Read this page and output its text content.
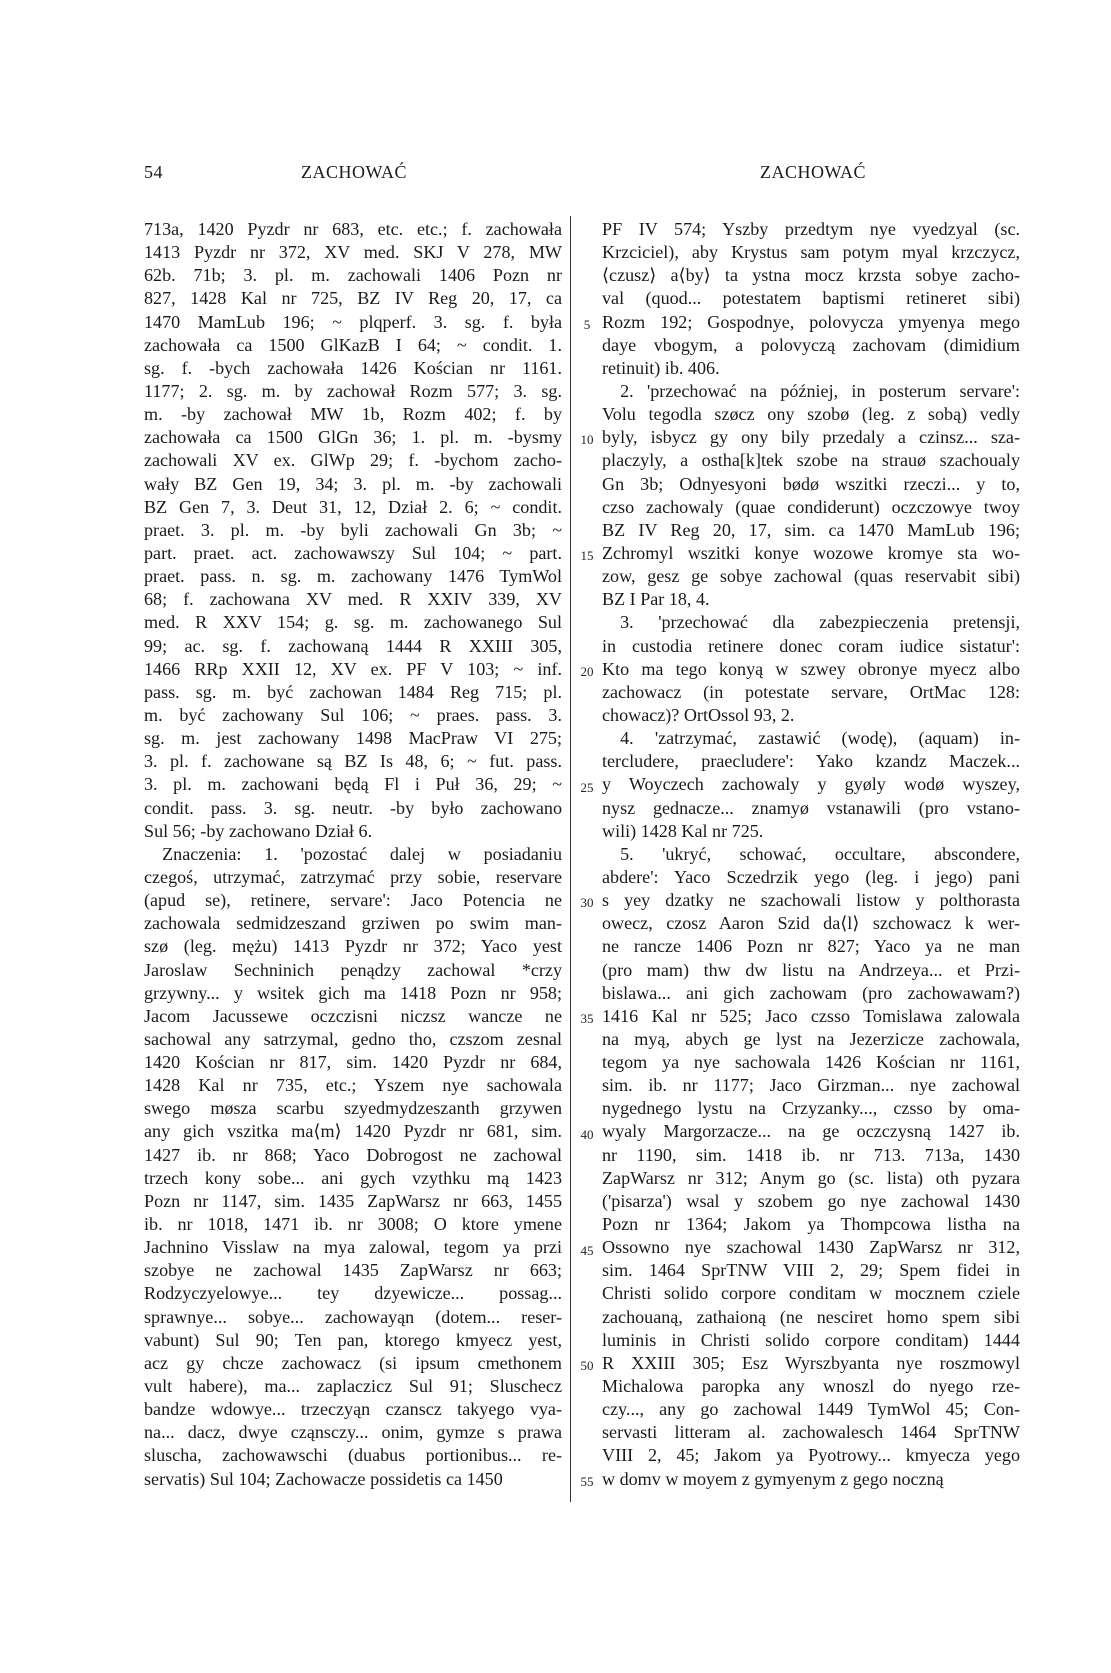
54	ZACHOWAĆ	ZACHOWAĆ
713a, 1420 Pyzdr nr 683, etc. etc.; f. zachowała
1413 Pyzdr nr 372, XV med. SKJ V 278, MW
62b. 71b; 3. pl. m. zachowali 1406 Pozn nr
827, 1428 Kal nr 725, BZ IV Reg 20, 17, ca
1470 MamLub 196; ~ plqperf. 3. sg. f. była
zachowała ca 1500 GlKazB I 64; ~ condit. 1.
sg. f. -bych zachowała 1426 Kościan nr 1161.
1177; 2. sg. m. by zachował Rozm 577; 3. sg.
m. -by zachował MW 1b, Rozm 402; f. by
zachowała ca 1500 GlGn 36; 1. pl. m. -bysmy
zachowali XV ex. GlWp 29; f. -bychom zacho-
wały BZ Gen 19, 34; 3. pl. m. -by zachowali
BZ Gen 7, 3. Deut 31, 12, Dział 2. 6; ~ condit.
praet. 3. pl. m. -by byli zachowali Gn 3b; ~
part. praet. act. zachowawszy Sul 104; ~ part.
praet. pass. n. sg. m. zachowany 1476 TymWol
68; f. zachowana XV med. R XXIV 339, XV
med. R XXV 154; g. sg. m. zachowanego Sul
99; ac. sg. f. zachowaną 1444 R XXIII 305,
1466 RRp XXII 12, XV ex. PF V 103; ~ inf.
pass. sg. m. być zachowan 1484 Reg 715; pl.
m. być zachowany Sul 106; ~ praes. pass. 3.
sg. m. jest zachowany 1498 MacPraw VI 275;
3. pl. f. zachowane są BZ Is 48, 6; ~ fut. pass.
3. pl. m. zachowani będą Fl i Puł 36, 29; ~
condit. pass. 3. sg. neutr. -by było zachowano
Sul 56; -by zachowano Dział 6.
 Znaczenia: 1. 'pozostać dalej w posiadaniu
czegoś, utrzymać, zatrzymać przy sobie, reservare
(apud se), retinere, servare': Jaco Potencia ne
zachowala sedmidzeszand grziwen po swim man-
szø (leg. mężu) 1413 Pyzdr nr 372; Yaco yest
Jaroslaw Sechninich penądzy zachowal *crzy
grzywny... y wsitek gich ma 1418 Pozn nr 958;
Jacom Jacussewe oczczisni niczsz wancze ne
sachowal any satrzymal, gedno tho, czszom zesnal
1420 Kościan nr 817, sim. 1420 Pyzdr nr 684,
1428 Kal nr 735, etc.; Yszem nye sachowala
swego møsza scarbu szyedmydzeszanth grzywen
any gich vszitka ma⟨m⟩ 1420 Pyzdr nr 681, sim.
1427 ib. nr 868; Yaco Dobrogost ne zachowal
trzech kony sobe... ani gych vzythku mą 1423
Pozn nr 1147, sim. 1435 ZapWarsz nr 663, 1455
ib. nr 1018, 1471 ib. nr 3008; O ktore ymene
Jachnino Visslaw na mya zalowal, tegom ya przi
szobye ne zachowal 1435 ZapWarsz nr 663;
Rodzyczyelowye... tey dzyewicze... possag...
sprawnye... sobye... zachowayąn (dotem... reser-
vabunt) Sul 90; Ten pan, ktorego kmyecz yest,
acz gy chcze zachowacz (si ipsum cmethonem
vult habere), ma... zaplaczicz Sul 91; Sluschecz
bandze wdowye... trzeczyąn czanscz takyego vya-
na... dacz, dwye cząnsczy... onim, gymze s prawa
sluscha, zachowawschi (duabus portionibus... re-
servatis) Sul 104; Zachowacze possidetis ca 1450
PF IV 574; Yszby przedtym nye vyedzyal (sc.
Krzciciel), aby Krystus sam potym myal krzczycz,
⟨czusz⟩ a⟨by⟩ ta ystna mocz krzsta sobye zacho-
val (quod... potestatem baptismi retineret sibi)
Rozm 192; Gospodnye, polovycza ymyenya mego
daye vbogym, a polovyczą zachovam (dimidium
retinuit) ib. 406.
 2. 'przechować na później, in posterum servare':
Volu tegodla szøcz ony szobø (leg. z sobą) vedly
byly, isbycz gy ony bily przedaly a czinsz... sza-
placzyly, a ostha[k]tek szobe na strauø szachoualy
Gn 3b; Odnyesyoni bødø wszitki rzeczi... y to,
czso zachowaly (quae condiderunt) oczczowye twoy
BZ IV Reg 20, 17, sim. ca 1470 MamLub 196;
Zchromyl wszitki konye wozowe kromye sta wo-
zow, gesz ge sobye zachowal (quas reservabit sibi)
BZ I Par 18, 4.
 3. 'przechować dla zabezpieczenia pretensji,
in custodia retinere donec coram iudice sistatur':
Kto ma tego konyą w szwey obronye myecz albo
zachowacz (in potestate servare, OrtMac 128:
chowacz)? OrtOssol 93, 2.
 4. 'zatrzymać, zastawić (wodę), (aquam) in-
tercludere, praecludere': Yako kzandz Maczek...
y Woyczech zachowaly y gyøly wodø wyszey,
nysz gednacze... znamyø vstanawili (pro vstano-
wili) 1428 Kal nr 725.
 5. 'ukryć, schować, occultare, abscondere,
abdere': Yaco Sczedrzik yego (leg. i jego) pani
s yey dzatky ne szachowali listow y polthorasta
owecz, czosz Aaron Szid da⟨l⟩ szchowacz k wer-
ne rancze 1406 Pozn nr 827; Yaco ya ne man
(pro mam) thw dw listu na Andrzeya... et Przi-
bislawa... ani gich zachowam (pro zachowawam?)
1416 Kal nr 525; Jaco czsso Tomislawa zalowala
na myą, abych ge lyst na Jezerzicze zachowala,
tegom ya nye sachowala 1426 Kościan nr 1161,
sim. ib. nr 1177; Jaco Girzman... nye zachowal
nygednego lystu na Crzyzanky..., czsso by oma-
wyaly Margorzacze... na ge oczczysną 1427 ib.
nr 1190, sim. 1418 ib. nr 713. 713a, 1430
ZapWarsz nr 312; Anym go (sc. lista) oth pyzara
('pisarza') wsal y szobem go nye zachowal 1430
Pozn nr 1364; Jakom ya Thompcowa listha na
Ossowno nye szachowal 1430 ZapWarsz nr 312,
sim. 1464 SprTNW VIII 2, 29; Spem fidei in
Christi solido corpore conditam w mocznem cziele
zachouaną, zathaioną (ne nesciret homo spem sibi
luminis in Christi solido corpore conditam) 1444
R XXIII 305; Esz Wyrszbyanta nye roszmowyl
Michalowa paropka any wnoszl do nyego rze-
czy..., any go zachowal 1449 TymWol 45; Con-
servasti litteram al. zachowalesch 1464 SprTNW
VIII 2, 45; Jakom ya Pyotrowy... kmyecza yego
w domv w moyem z gymyenym z gego noczną
5
10
15
20
25
30
35
40
45
50
55
